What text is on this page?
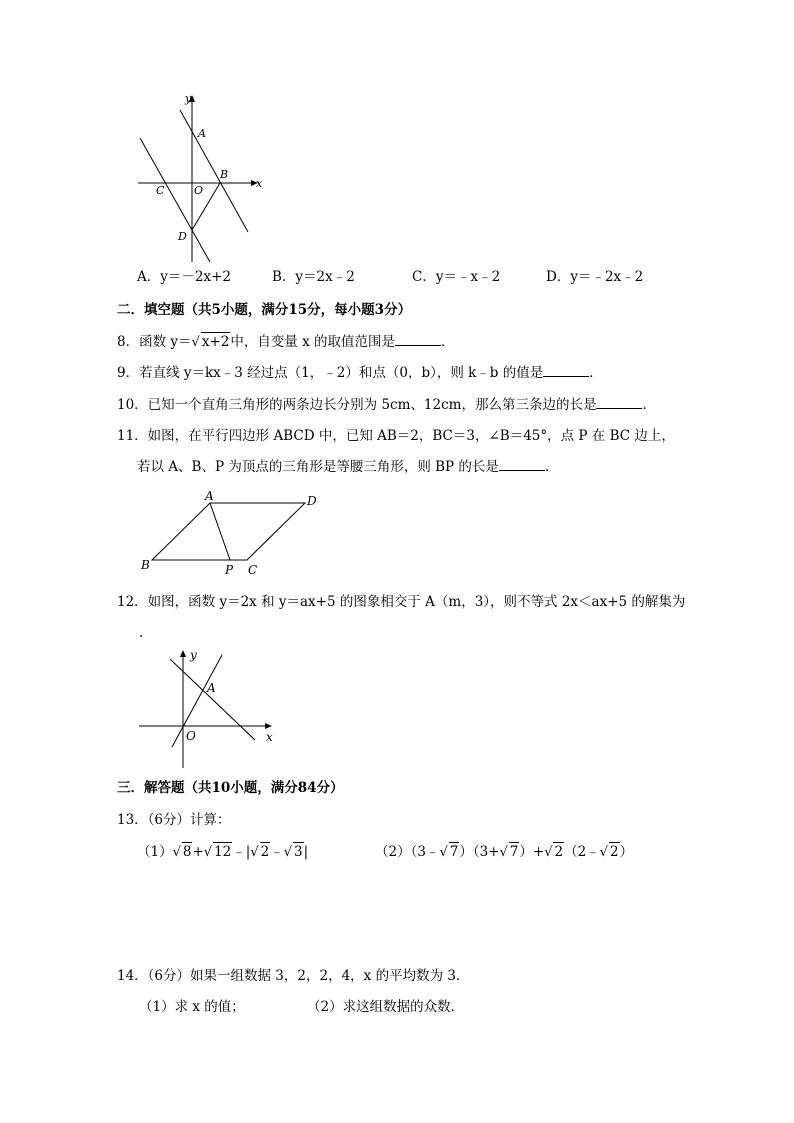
y
x
A
B
C	O
D
A．y＝－2x+2	B．y＝2x﹣2	C．y＝﹣x﹣2	D．y＝﹣2x﹣2
二．填空题（共5小题，满分15分，每小题3分）
8．函数 y＝√ x+2中，自变量 x 的取值范围是	．
9．若直线 y＝kx﹣3 经过点（1，﹣2）和点（0，b），则 k﹣b 的值是	．
10．已知一个直角三角形的两条边长分别为 5cm、12cm，那么第三条边的长是	．
11．如图，在平行四边形 ABCD 中，已知 AB＝2，BC＝3，∠B＝45°，点 P 在 BC 边上，
若以 A、B、P 为顶点的三角形是等腰三角形，则 BP 的长是	．
A	D
B	P C
12．如图，函数 y＝2x 和 y＝ax+5 的图象相交于 A（m，3），则不等式 2x＜ax+5 的解集为
．
y
x
A
O
三．解答题（共10小题，满分84分）
13．（6分）计算：
（1）√ 8+√ 12﹣|√ 2﹣√ 3|	（2）（3﹣√ 7）（3+√ 7）+√ 2（2﹣√ 2）
14．（6分）如果一组数据 3，2，2，4，x 的平均数为 3．
（1）求 x 的值；	（2）求这组数据的众数．
